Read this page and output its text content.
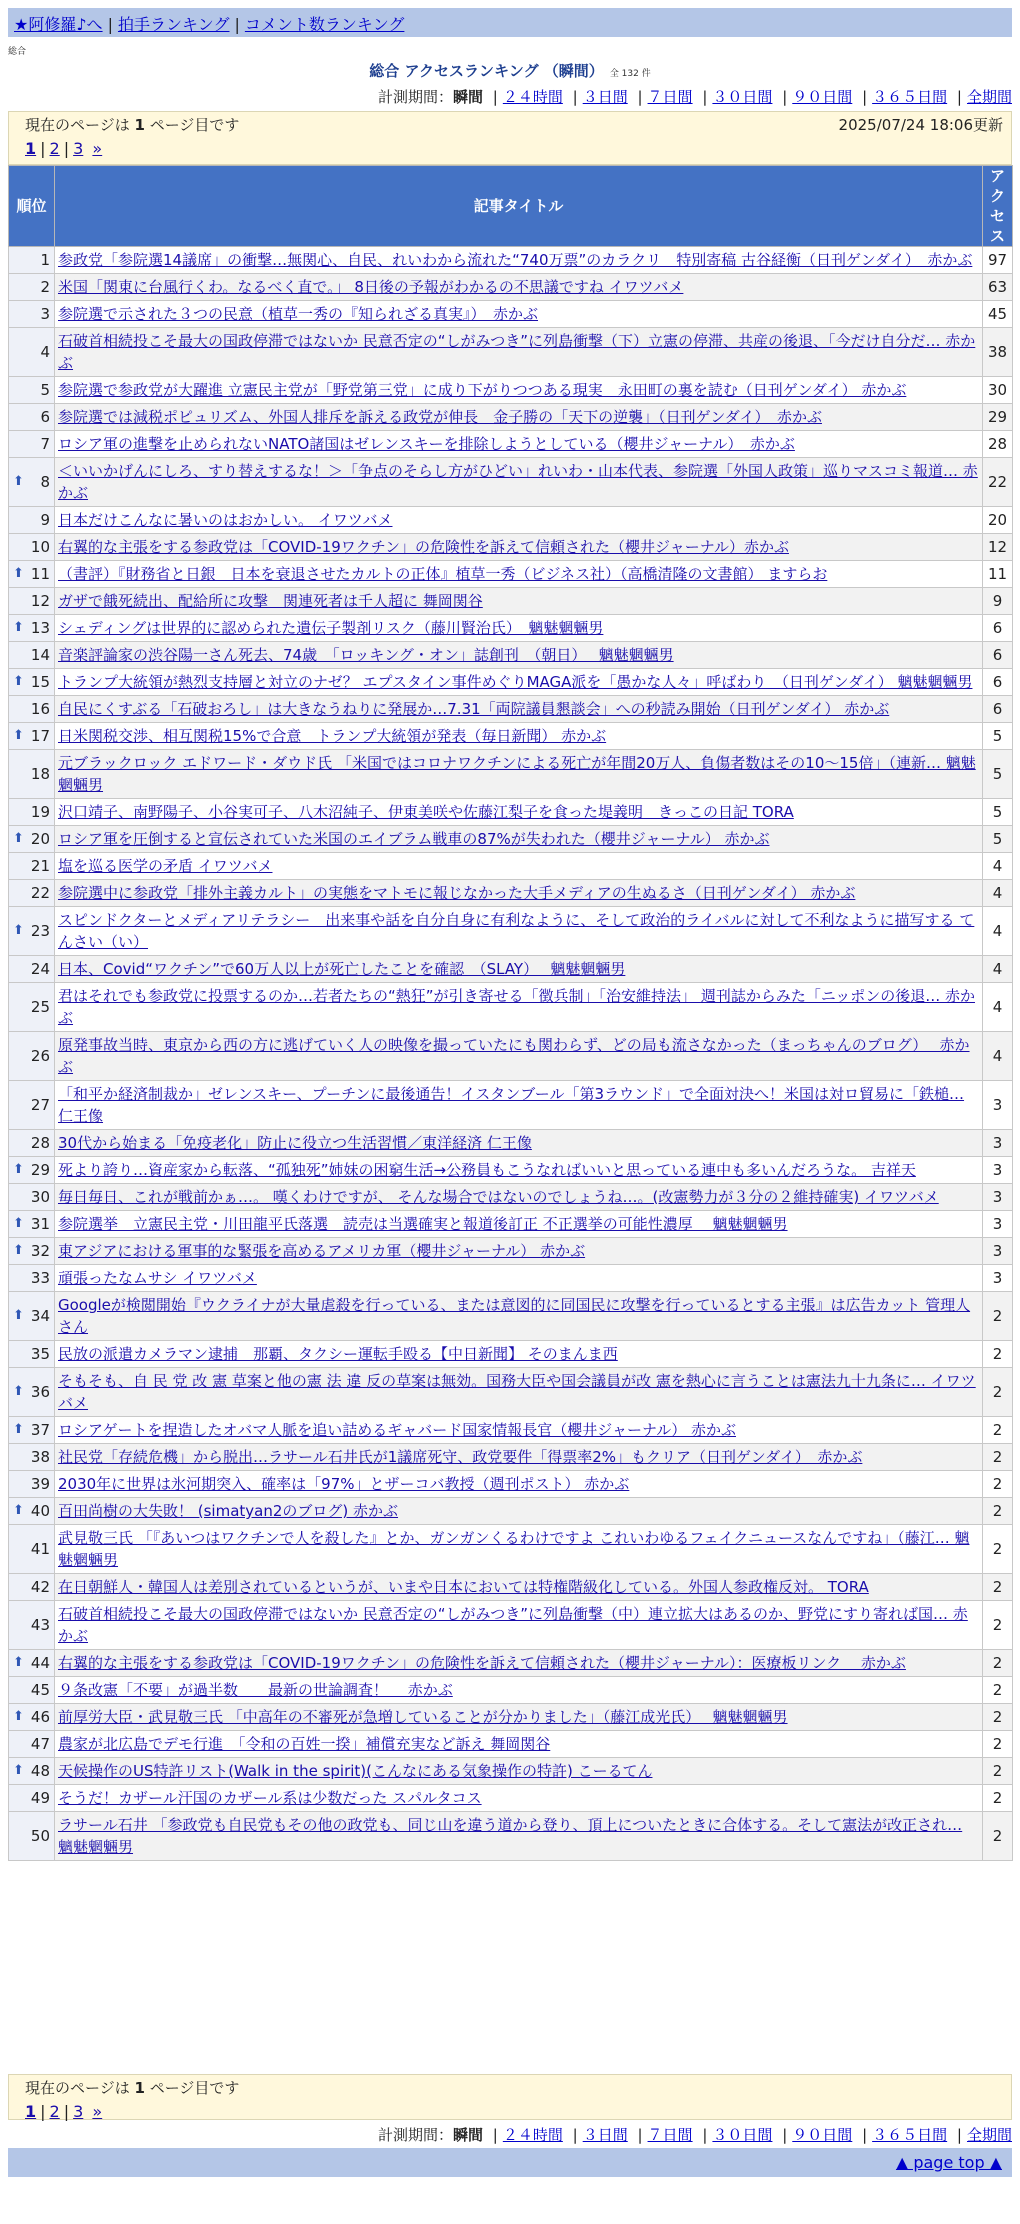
★阿修羅♪へ | 拍手ランキング | コメント数ランキング
総合
総合 アクセスランキング （瞬間） 全 132 件
計測期間：瞬間 | ２４時間 | ３日間 | ７日間 | ３０日間 | ９０日間 | ３６５日間 | 全期間
現在のページは 1 ページ目です	2025/07/24 18:06更新
1 | 2 | 3 »
順位	記事タイトル	アクセス
1	参政党「参院選14議席」の衝撃…無関心、自民、れいわから流れた“740万票”のカラクリ　特別寄稿 古谷経衡（日刊ゲンダイ）　赤かぶ	97
2	米国「関東に台風行くわ。なるべく直で。」 8日後の予報がわかるの不思議ですね イワツバメ	63
3	参院選で示された３つの民意（植草一秀の『知られざる真実』）　赤かぶ	45
4	石破首相続投こそ最大の国政停滞ではないか 民意否定の“しがみつき”に列島衝撃（下）立憲の停滞、共産の後退、「今だけ自分だ… 赤かぶ	38
5	参院選で参政党が大躍進 立憲民主党が「野党第三党」に成り下がりつつある現実　永田町の裏を読む（日刊ゲンダイ） 赤かぶ	30
6	参院選では減税ポピュリズム、外国人排斥を訴える政党が伸長　金子勝の「天下の逆襲」（日刊ゲンダイ）　赤かぶ	29
7	ロシア軍の進撃を止められないNATO諸国はゼレンスキーを排除しようとしている（櫻井ジャーナル）　赤かぶ	28

⬆ 8	＜いいかげんにしろ、すり替えするな！＞「争点のそらし方がひどい」れいわ・山本代表、参院選「外国人政策」巡りマスコミ報道… 赤かぶ	22
9	日本だけこんなに暑いのはおかしい。 イワツバメ	20
10	右翼的な主張をする参政党は「COVID-19ワクチン」の危険性を訴えて信頼された（櫻井ジャーナル）赤かぶ	12

⬆ 11	（書評）『財務省と日銀　日本を衰退させたカルトの正体』植草一秀（ビジネス社）（高橋清隆の文書館） ますらお	11
12	ガザで餓死続出、配給所に攻撃　関連死者は千人超に 舞岡関谷	9

⬆ 13	シェディングは世界的に認められた遺伝子製剤リスク（藤川賢治氏）　魑魅魍魎男	6
14	音楽評論家の渋谷陽一さん死去、74歳　「ロッキング・オン」誌創刊　（朝日）　 魑魅魍魎男	6

⬆ 15	トランプ大統領が熱烈支持層と対立のナゼ？ エプスタイン事件めぐりMAGA派を「愚かな人々」呼ばわり　（日刊ゲンダイ） 魑魅魍魎男	6
16	自民にくすぶる「石破おろし」は大きなうねりに発展か…7.31「両院議員懇談会」への秒読み開始（日刊ゲンダイ） 赤かぶ	6

⬆ 17	日米関税交渉、相互関税15%で合意　トランプ大統領が発表（毎日新聞） 赤かぶ	5
18	元ブラックロック エドワード・ダウド氏 「米国ではコロナワクチンによる死亡が年間20万人、負傷者数はその10〜15倍」（連新… 魑魅魍魎男	5
19	沢口靖子、南野陽子、小谷実可子、八木沼純子、伊東美咲や佐藤江梨子を食った堤義明　きっこの日記 TORA	5

⬆ 20	ロシア軍を圧倒すると宣伝されていた米国のエイブラム戦車の87%が失われた（櫻井ジャーナル） 赤かぶ	5
21	塩を巡る医学の矛盾 イワツバメ	4
22	参院選中に参政党「排外主義カルト」の実態をマトモに報じなかった大手メディアの生ぬるさ（日刊ゲンダイ） 赤かぶ	4

⬆ 23	スピンドクターとメディアリテラシー　出来事や話を自分自身に有利なように、そして政治的ライバルに対して不利なように描写する てんさい（い）	4
24	日本、Covid“ワクチン”で60万人以上が死亡したことを確認　（SLAY）　 魑魅魍魎男	4
25	君はそれでも参政党に投票するのか…若者たちの“熱狂”が引き寄せる「徴兵制」「治安維持法」 週刊誌からみた「ニッポンの後退… 赤かぶ	4
26	原発事故当時、東京から西の方に逃げていく人の映像を撮っていたにも関わらず、どの局も流さなかった（まっちゃんのブログ）　 赤かぶ	4
27	「和平か経済制裁か」ゼレンスキー、プーチンに最後通告！イスタンブール「第3ラウンド」で全面対決へ！米国は対ロ貿易に「鉄槌… 仁王像	3
28	30代から始まる「免疫老化」防止に役立つ生活習慣／東洋経済 仁王像	3

⬆ 29	死より誇り…資産家から転落、“孤独死”姉妹の困窮生活→公務員もこうなればいいと思っている連中も多いんだろうな。 吉祥天	3
30	毎日毎日、これが戦前かぁ…。 嘆くわけですが、 そんな場合ではないのでしょうね…。(改憲勢力が３分の２維持確実) イワツバメ	3

⬆ 31	参院選挙　立憲民主党・川田龍平氏落選　読売は当選確実と報道後訂正 不正選挙の可能性濃厚　 魑魅魍魎男	3

⬆ 32	東アジアにおける軍事的な緊張を高めるアメリカ軍（櫻井ジャーナル） 赤かぶ	3
33	頑張ったなムサシ イワツバメ	3

⬆ 34	Googleが検閲開始『ウクライナが大量虐殺を行っている、または意図的に同国民に攻撃を行っているとする主張』は広告カット 管理人さん	2
35	民放の派遣カメラマン逮捕　那覇、タクシー運転手殴る【中日新聞】 そのまんま西	2

⬆ 36	そもそも、自 民 党 改 憲 草案と他の憲 法 違 反の草案は無効。国務大臣や国会議員が改 憲を熱心に言うことは憲法九十九条に… イワツバメ	2

⬆ 37	ロシアゲートを捏造したオバマ人脈を追い詰めるギャバード国家情報長官（櫻井ジャーナル） 赤かぶ	2
38	社民党「存続危機」から脱出…ラサール石井氏が1議席死守、政党要件「得票率2%」もクリア（日刊ゲンダイ）　赤かぶ	2
39	2030年に世界は氷河期突入、確率は「97%」とザーコバ教授（週刊ポスト） 赤かぶ	2

⬆ 40	百田尚樹の大失敗！ (simatyan2のブログ) 赤かぶ	2
41	武見敬三氏 「『あいつはワクチンで人を殺した』とか、ガンガンくるわけですよ これいわゆるフェイクニュースなんですね」（藤江… 魑魅魍魎男	2
42	在日朝鮮人・韓国人は差別されているというが、いまや日本においては特権階級化している。外国人参政権反対。 TORA	2
43	石破首相続投こそ最大の国政停滞ではないか 民意否定の“しがみつき”に列島衝撃（中）連立拡大はあるのか、野党にすり寄れば国… 赤かぶ	2

⬆ 44	右翼的な主張をする参政党は「COVID-19ワクチン」の危険性を訴えて信頼された（櫻井ジャーナル）：医療板リンク　 赤かぶ	2
45	９条改憲「不要」が過半数　　最新の世論調査！　 赤かぶ	2

⬆ 46	前厚労大臣・武見敬三氏 「中高年の不審死が急増していることが分かりました」（藤江成光氏）　 魑魅魍魎男	2
47	農家が北広島でデモ行進　「令和の百姓一揆」補償充実など訴え 舞岡関谷	2

⬆ 48	天候操作のUS特許リスト(Walk in the spirit)(こんなにある気象操作の特許) こーるてん	2
49	そうだ！カザール汗国のカザール系は少数だった スパルタコス	2
50	ラサール石井 「参政党も自民党もその他の政党も、同じ山を違う道から登り、頂上についたときに合体する。そして憲法が改正され… 魑魅魍魎男	2
現在のページは 1 ページ目です
1 | 2 | 3 »
計測期間：瞬間 | ２４時間 | ３日間 | ７日間 | ３０日間 | ９０日間 | ３６５日間 | 全期間
▲ page top ▲
